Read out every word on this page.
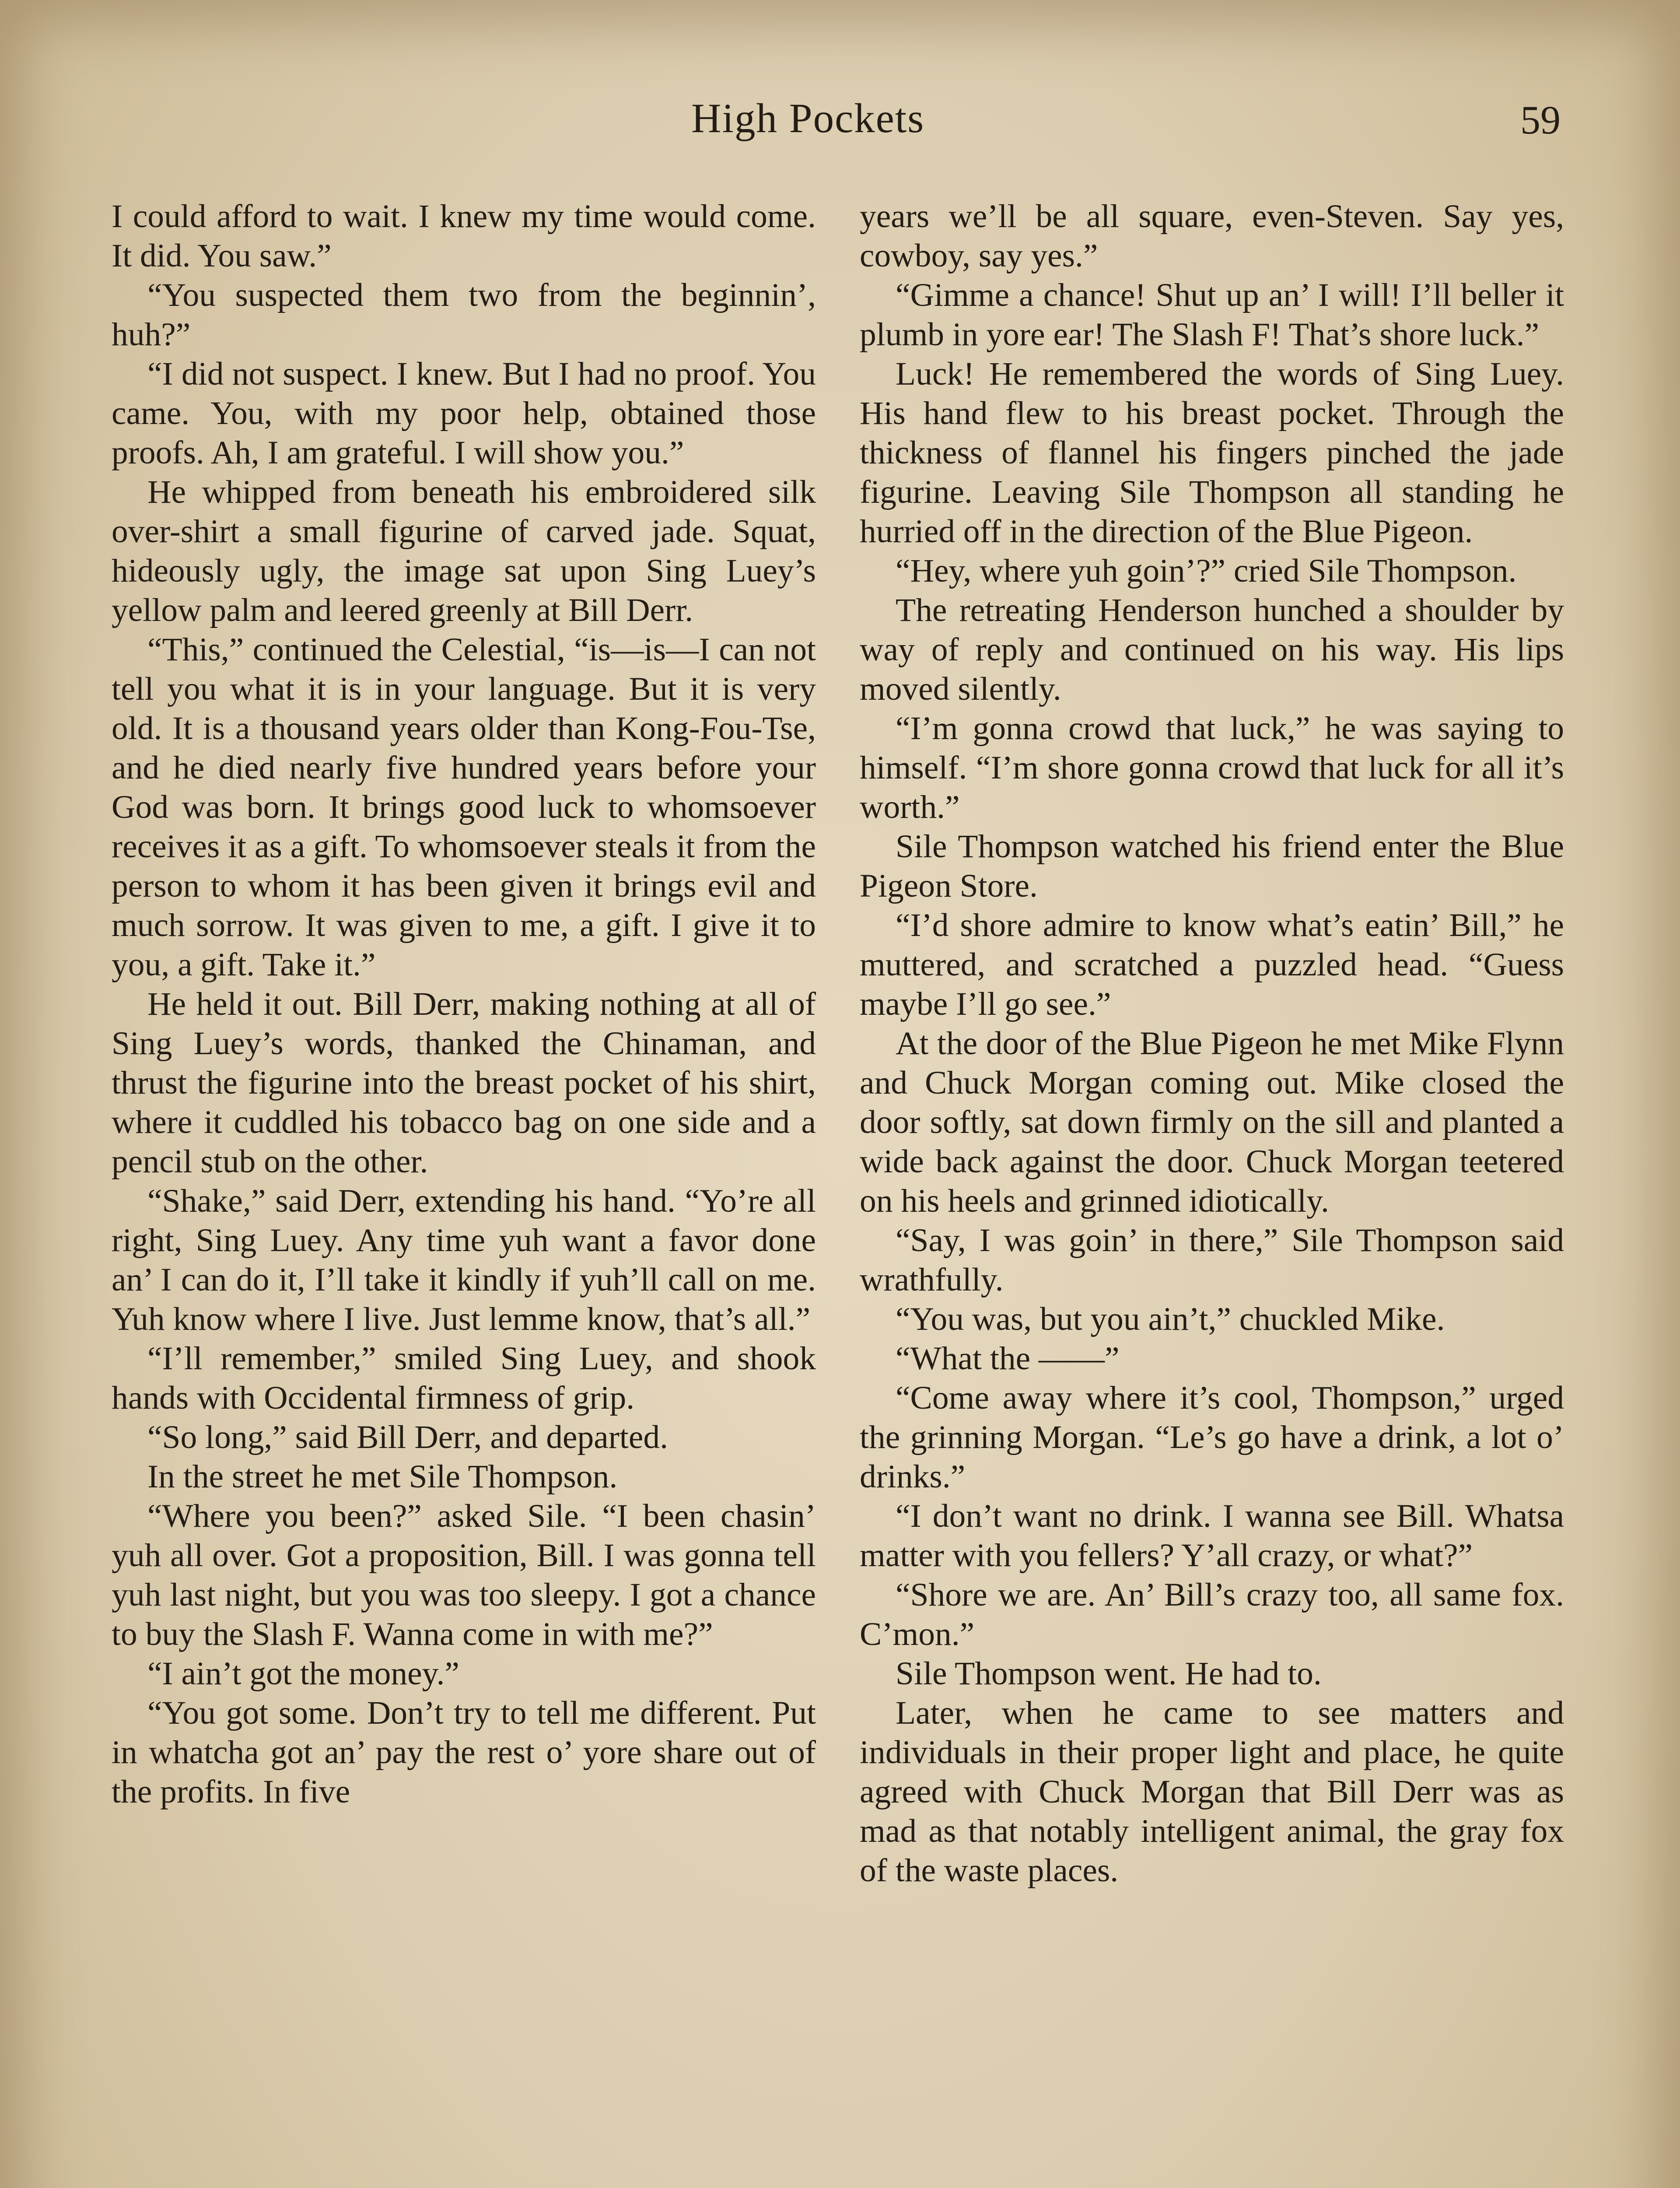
High Pockets	59

I could afford to wait. I knew my time would come. It did. You saw.”

“You suspected them two from the beginnin’, huh?”

“I did not suspect. I knew. But I had no proof. You came. You, with my poor help, obtained those proofs. Ah, I am grateful. I will show you.”

He whipped from beneath his embroidered silk over-shirt a small figurine of carved jade. Squat, hideously ugly, the image sat upon Sing Luey’s yellow palm and leered greenly at Bill Derr.

“This,” continued the Celestial, “is—is—I can not tell you what it is in your language. But it is very old. It is a thousand years older than Kong-Fou-Tse, and he died nearly five hundred years before your God was born. It brings good luck to whomsoever receives it as a gift. To whomsoever steals it from the person to whom it has been given it brings evil and much sorrow. It was given to me, a gift. I give it to you, a gift. Take it.”

He held it out. Bill Derr, making nothing at all of Sing Luey’s words, thanked the Chinaman, and thrust the figurine into the breast pocket of his shirt, where it cuddled his tobacco bag on one side and a pencil stub on the other.

“Shake,” said Derr, extending his hand. “Yo’re all right, Sing Luey. Any time yuh want a favor done an’ I can do it, I’ll take it kindly if yuh’ll call on me. Yuh know where I live. Just lemme know, that’s all.”

“I’ll remember,” smiled Sing Luey, and shook hands with Occidental firmness of grip.

“So long,” said Bill Derr, and departed.

In the street he met Sile Thompson.

“Where you been?” asked Sile. “I been chasin’ yuh all over. Got a proposition, Bill. I was gonna tell yuh last night, but you was too sleepy. I got a chance to buy the Slash F. Wanna come in with me?”

“I ain’t got the money.”

“You got some. Don’t try to tell me different. Put in whatcha got an’ pay the rest o’ yore share out of the profits. In five

years we’ll be all square, even-Steven. Say yes, cowboy, say yes.”

“Gimme a chance! Shut up an’ I will! I’ll beller it plumb in yore ear! The Slash F! That’s shore luck.”

Luck! He remembered the words of Sing Luey. His hand flew to his breast pocket. Through the thickness of flannel his fingers pinched the jade figurine. Leaving Sile Thompson all standing he hurried off in the direction of the Blue Pigeon.

“Hey, where yuh goin’?” cried Sile Thompson.

The retreating Henderson hunched a shoulder by way of reply and continued on his way. His lips moved silently.

“I’m gonna crowd that luck,” he was saying to himself. “I’m shore gonna crowd that luck for all it’s worth.”

Sile Thompson watched his friend enter the Blue Pigeon Store.

“I’d shore admire to know what’s eatin’ Bill,” he muttered, and scratched a puzzled head. “Guess maybe I’ll go see.”

At the door of the Blue Pigeon he met Mike Flynn and Chuck Morgan coming out. Mike closed the door softly, sat down firmly on the sill and planted a wide back against the door. Chuck Morgan teetered on his heels and grinned idiotically.

“Say, I was goin’ in there,” Sile Thompson said wrathfully.

“You was, but you ain’t,” chuckled Mike.

“What the ——”

“Come away where it’s cool, Thompson,” urged the grinning Morgan. “Le’s go have a drink, a lot o’ drinks.”

“I don’t want no drink. I wanna see Bill. Whatsa matter with you fellers? Y’all crazy, or what?”

“Shore we are. An’ Bill’s crazy too, all same fox. C’mon.”

Sile Thompson went. He had to.

Later, when he came to see matters and individuals in their proper light and place, he quite agreed with Chuck Morgan that Bill Derr was as mad as that notably intelligent animal, the gray fox of the waste places.
